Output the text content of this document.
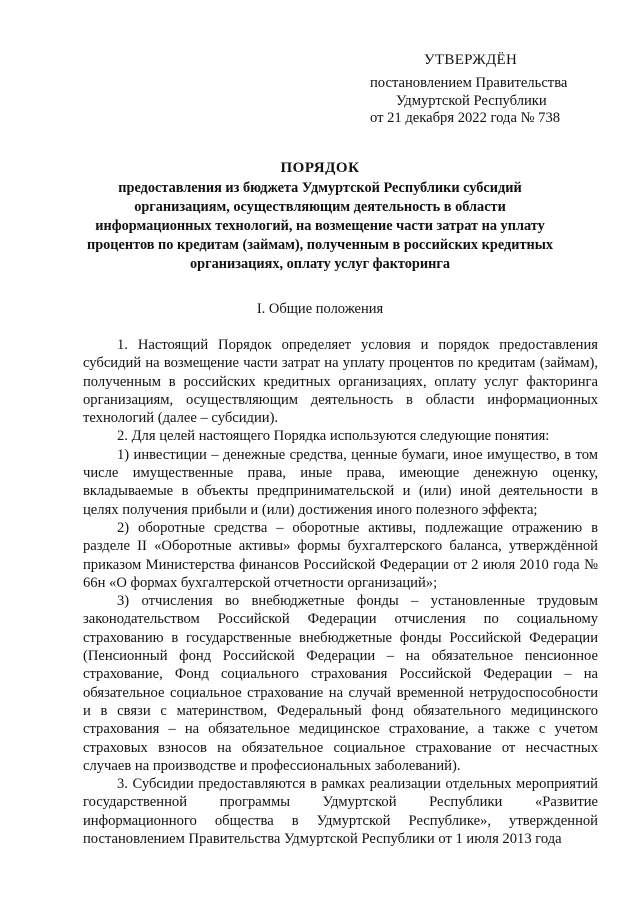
УТВЕРЖДЁН
постановлением Правительства
Удмуртской Республики
от 21 декабря 2022 года № 738
ПОРЯДОК
предоставления из бюджета Удмуртской Республики субсидий организациям, осуществляющим деятельность в области информационных технологий, на возмещение части затрат на уплату процентов по кредитам (займам), полученным в российских кредитных организациях, оплату услуг факторинга
I. Общие положения

1. Настоящий Порядок определяет условия и порядок предоставления субсидий на возмещение части затрат на уплату процентов по кредитам (займам), полученным в российских кредитных организациях, оплату услуг факторинга организациям, осуществляющим деятельность в области информационных технологий (далее – субсидии).

2. Для целей настоящего Порядка используются следующие понятия:

1) инвестиции – денежные средства, ценные бумаги, иное имущество, в том числе имущественные права, иные права, имеющие денежную оценку, вкладываемые в объекты предпринимательской и (или) иной деятельности в целях получения прибыли и (или) достижения иного полезного эффекта;

2) оборотные средства – оборотные активы, подлежащие отражению в разделе II «Оборотные активы» формы бухгалтерского баланса, утверждённой приказом Министерства финансов Российской Федерации от 2 июля 2010 года № 66н «О формах бухгалтерской отчетности организаций»;

3) отчисления во внебюджетные фонды – установленные трудовым законодательством Российской Федерации отчисления по социальному страхованию в государственные внебюджетные фонды Российской Федерации (Пенсионный фонд Российской Федерации – на обязательное пенсионное страхование, Фонд социального страхования Российской Федерации – на обязательное социальное страхование на случай временной нетрудоспособности и в связи с материнством, Федеральный фонд обязательного медицинского страхования – на обязательное медицинское страхование, а также с учетом страховых взносов на обязательное социальное страхование от несчастных случаев на производстве и профессиональных заболеваний).

3. Субсидии предоставляются в рамках реализации отдельных мероприятий государственной программы Удмуртской Республики «Развитие информационного общества в Удмуртской Республике», утвержденной постановлением Правительства Удмуртской Республики от 1 июля 2013 года
